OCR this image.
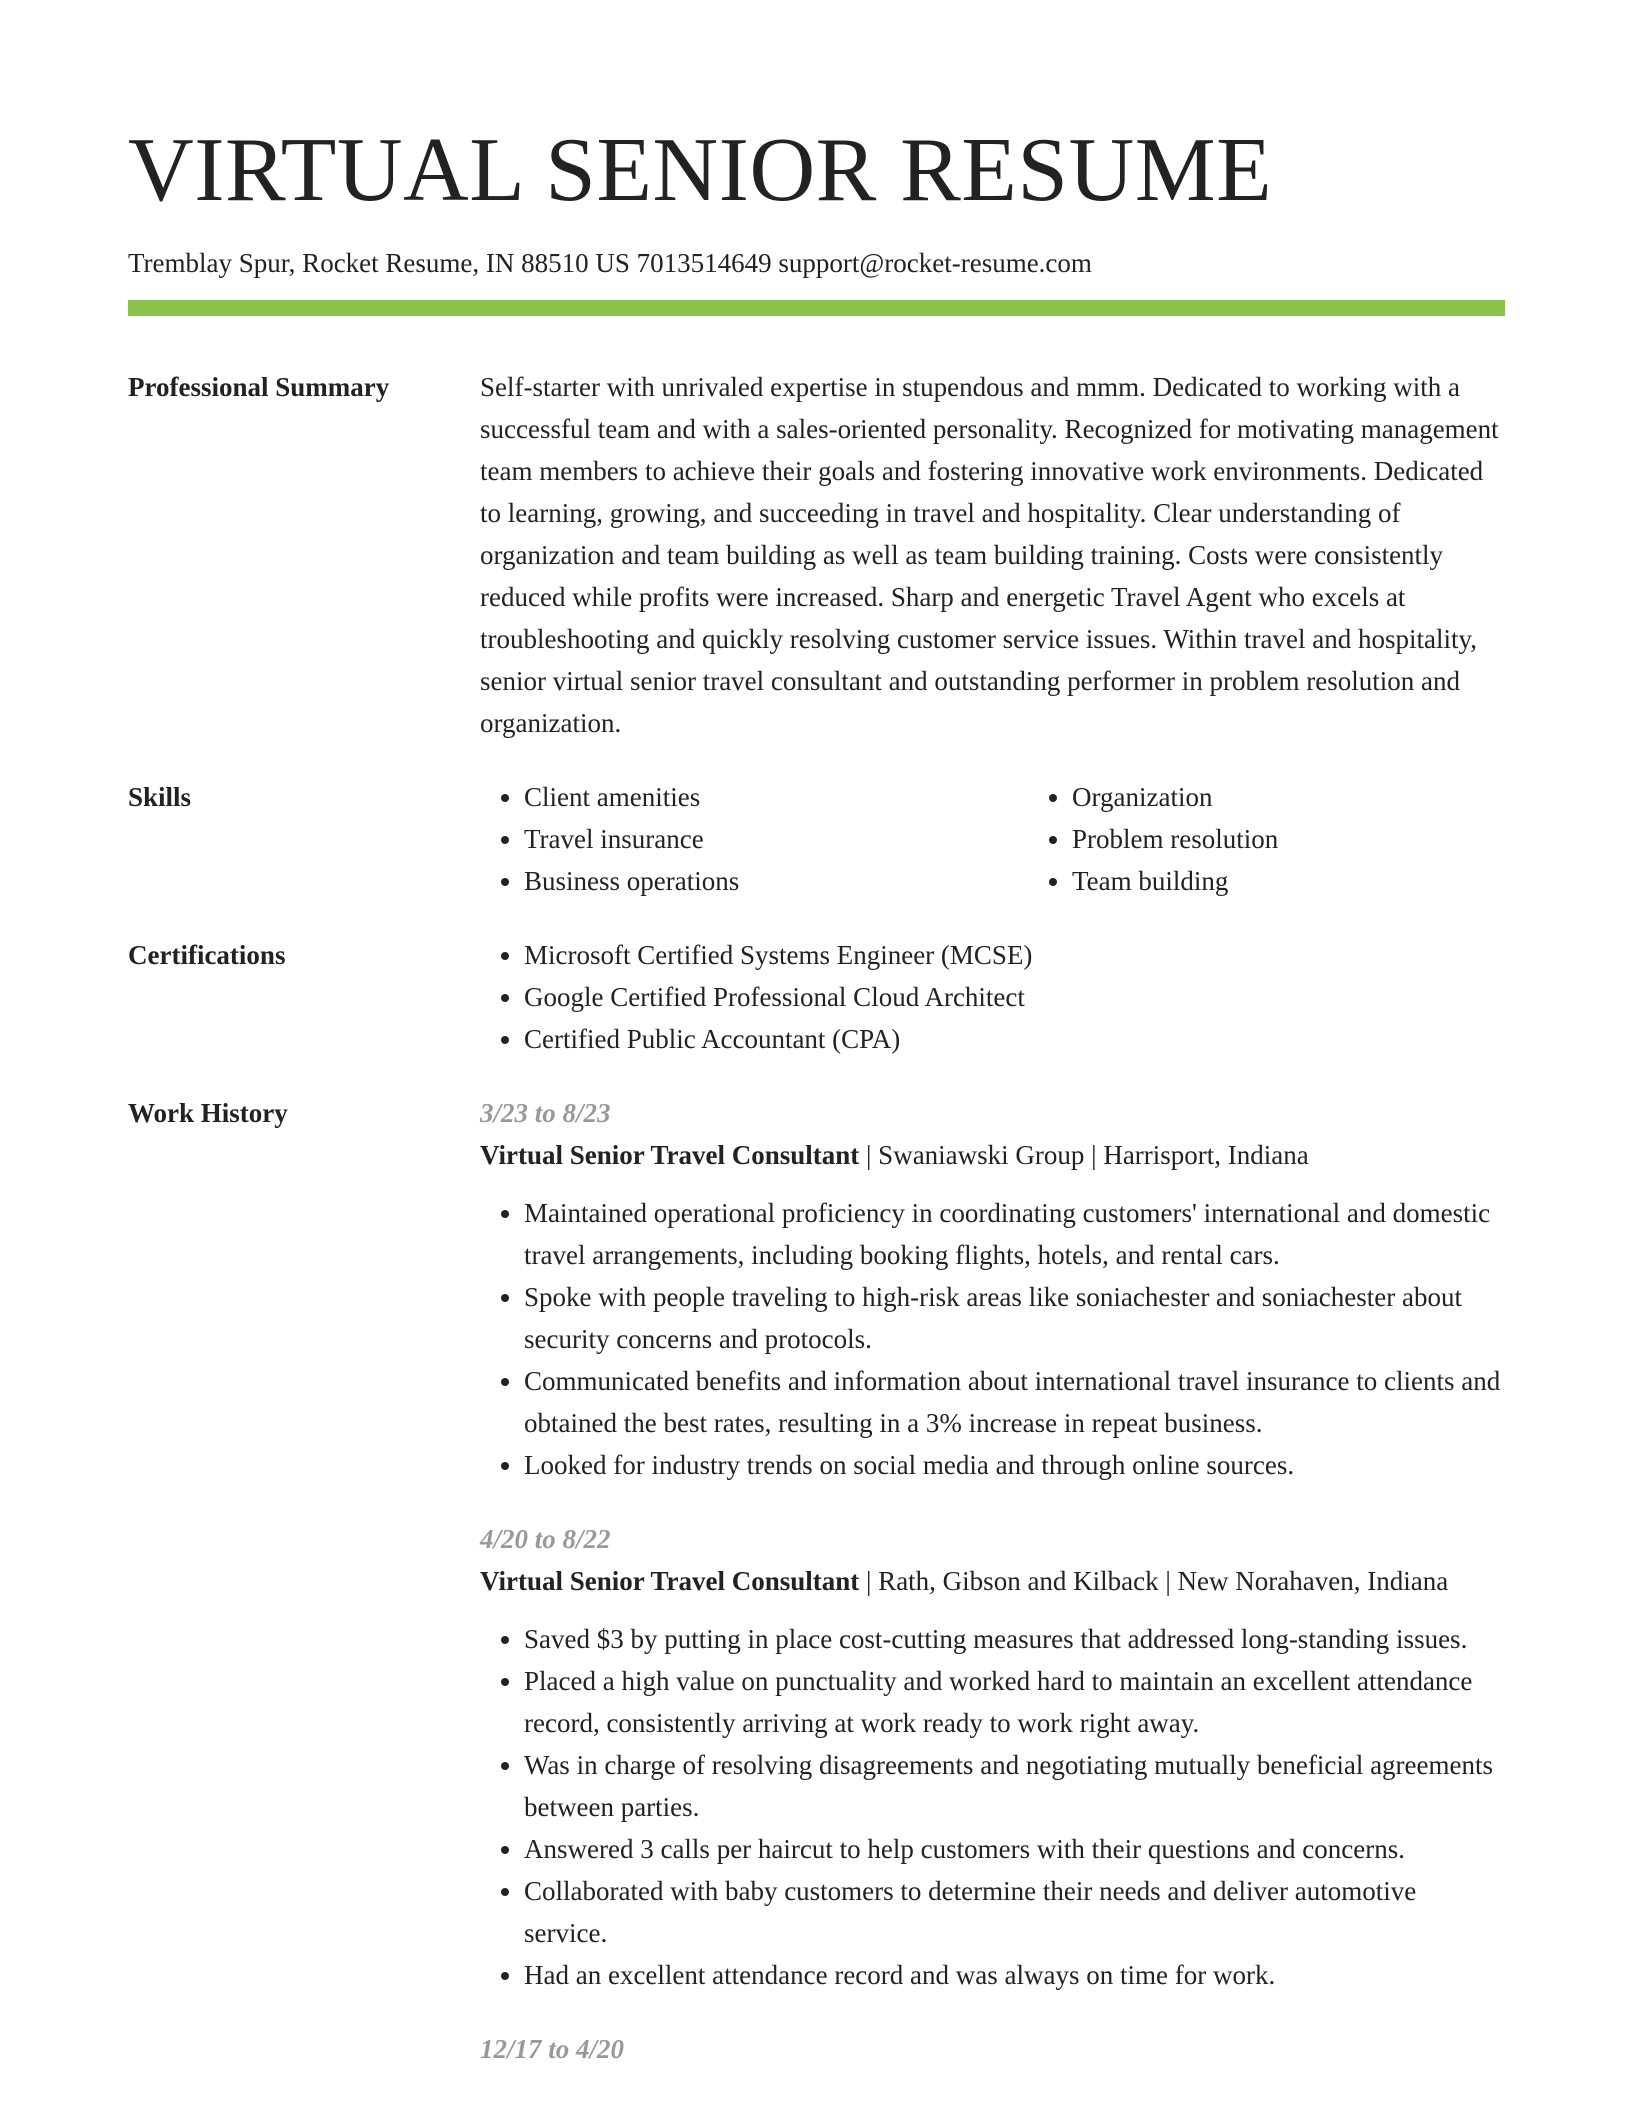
VIRTUAL SENIOR RESUME
Tremblay Spur, Rocket Resume, IN 88510 US 7013514649 support@rocket-resume.com
Professional Summary	Self-starter with unrivaled expertise in stupendous and mmm. Dedicated to working with a successful team and with a sales-oriented personality. Recognized for motivating management team members to achieve their goals and fostering innovative work environments. Dedicated to learning, growing, and succeeding in travel and hospitality. Clear understanding of organization and team building as well as team building training. Costs were consistently reduced while profits were increased. Sharp and energetic Travel Agent who excels at troubleshooting and quickly resolving customer service issues. Within travel and hospitality, senior virtual senior travel consultant and outstanding performer in problem resolution and organization.
Skills	• Client amenities
• Travel insurance
• Business operations
• Organization
• Problem resolution
• Team building
Certifications	• Microsoft Certified Systems Engineer (MCSE)
• Google Certified Professional Cloud Architect
• Certified Public Accountant (CPA)
Work History	3/23 to 8/23
Virtual Senior Travel Consultant | Swaniawski Group | Harrisport, Indiana
• Maintained operational proficiency in coordinating customers' international and domestic travel arrangements, including booking flights, hotels, and rental cars.
• Spoke with people traveling to high-risk areas like soniachester and soniachester about security concerns and protocols.
• Communicated benefits and information about international travel insurance to clients and obtained the best rates, resulting in a 3% increase in repeat business.
• Looked for industry trends on social media and through online sources.
4/20 to 8/22
Virtual Senior Travel Consultant | Rath, Gibson and Kilback | New Norahaven, Indiana
• Saved $3 by putting in place cost-cutting measures that addressed long-standing issues.
• Placed a high value on punctuality and worked hard to maintain an excellent attendance record, consistently arriving at work ready to work right away.
• Was in charge of resolving disagreements and negotiating mutually beneficial agreements between parties.
• Answered 3 calls per haircut to help customers with their questions and concerns.
• Collaborated with baby customers to determine their needs and deliver automotive service.
• Had an excellent attendance record and was always on time for work.
12/17 to 4/20
